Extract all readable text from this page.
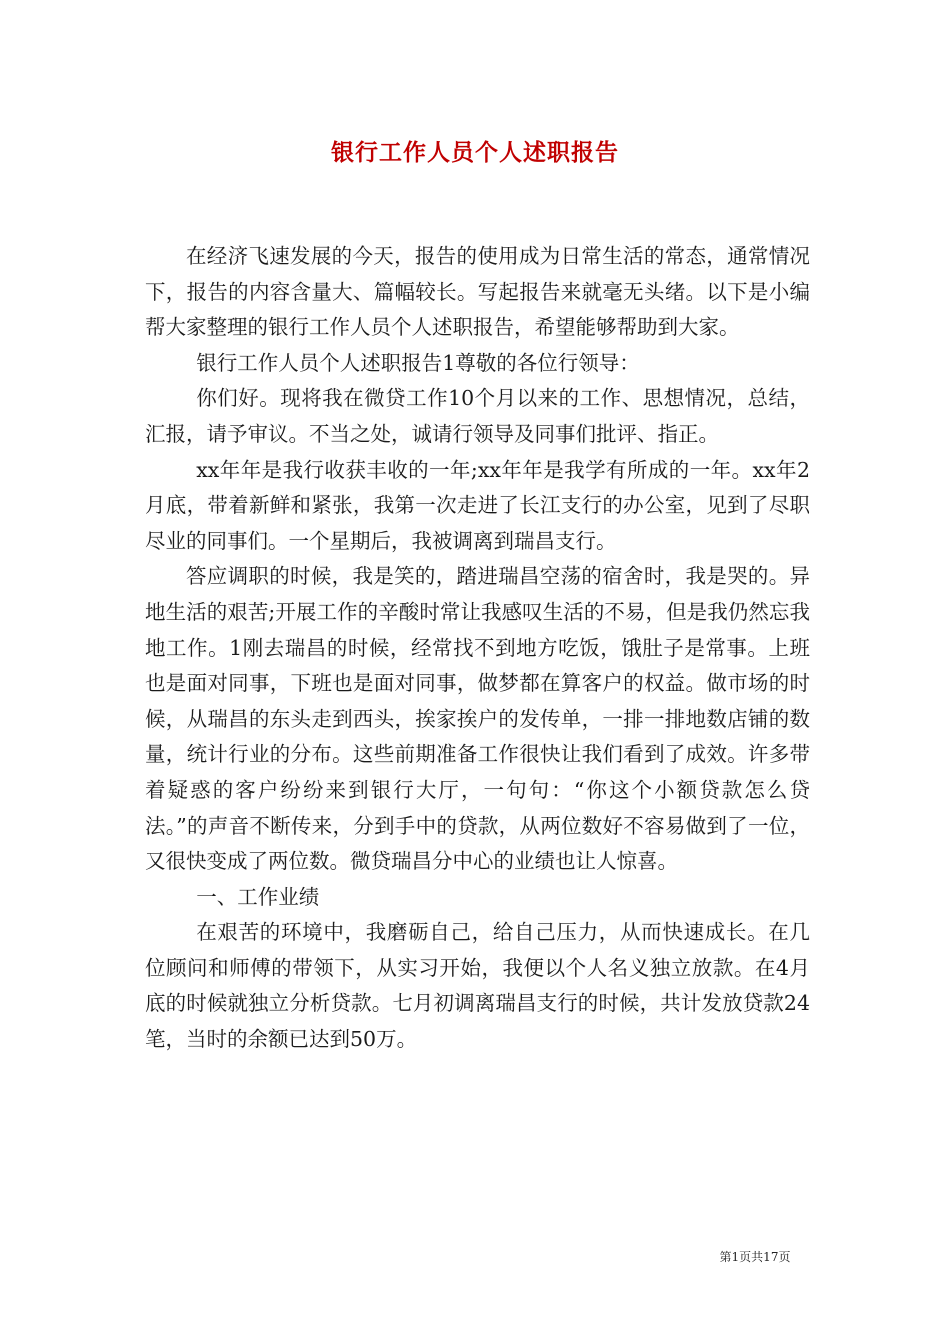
银行工作人员个人述职报告

在经济飞速发展的今天，报告的使用成为日常生活的常态，通常情况下，报告的内容含量大、篇幅较长。写起报告来就毫无头绪。以下是小编帮大家整理的银行工作人员个人述职报告，希望能够帮助到大家。

银行工作人员个人述职报告1尊敬的各位行领导：

你们好。现将我在微贷工作10个月以来的工作、思想情况，总结，汇报，请予审议。不当之处，诚请行领导及同事们批评、指正。

xx年年是我行收获丰收的一年;xx年年是我学有所成的一年。xx年2月底，带着新鲜和紧张，我第一次走进了长江支行的办公室，见到了尽职尽业的同事们。一个星期后，我被调离到瑞昌支行。

答应调职的时候，我是笑的，踏进瑞昌空荡的宿舍时，我是哭的。异地生活的艰苦;开展工作的辛酸时常让我感叹生活的不易，但是我仍然忘我地工作。1刚去瑞昌的时候，经常找不到地方吃饭，饿肚子是常事。上班也是面对同事，下班也是面对同事，做梦都在算客户的权益。做市场的时候，从瑞昌的东头走到西头，挨家挨户的发传单，一排一排地数店铺的数量，统计行业的分布。这些前期准备工作很快让我们看到了成效。许多带着疑惑的客户纷纷来到银行大厅，一句句：“你这个小额贷款怎么贷法。”的声音不断传来，分到手中的贷款，从两位数好不容易做到了一位，又很快变成了两位数。微贷瑞昌分中心的业绩也让人惊喜。

一、工作业绩

在艰苦的环境中，我磨砺自己，给自己压力，从而快速成长。在几位顾问和师傅的带领下，从实习开始，我便以个人名义独立放款。在4月底的时候就独立分析贷款。七月初调离瑞昌支行的时候，共计发放贷款24笔，当时的余额已达到50万。

第1页共17页
